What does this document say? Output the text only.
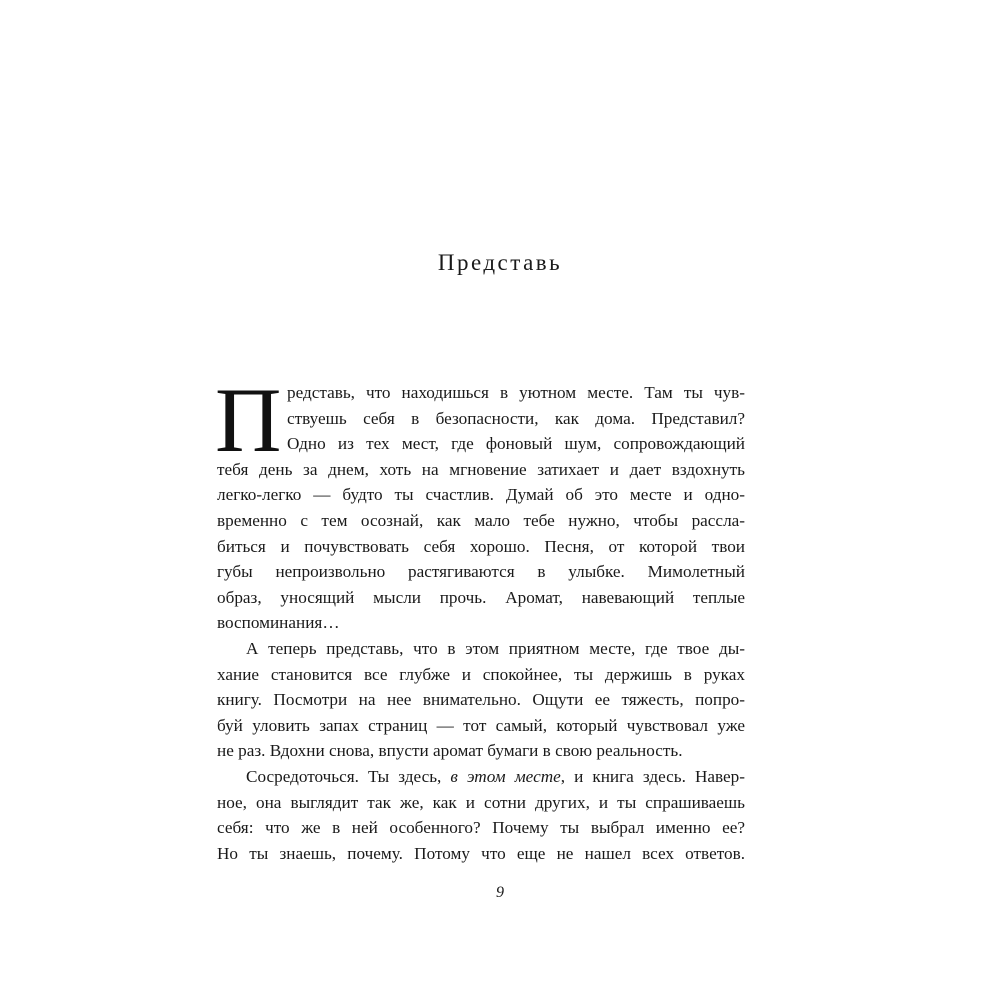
Представь
П редставь, что находишься в уютном месте. Там ты чув-
ствуешь себя в безопасности, как дома. Представил?
Одно из тех мест, где фоновый шум, сопровождающий
тебя день за днем, хоть на мгновение затихает и дает вздохнуть
легко-легко — будто ты счастлив. Думай об это месте и одно-
временно с тем осознай, как мало тебе нужно, чтобы рассла-
биться и почувствовать себя хорошо. Песня, от которой твои
губы непроизвольно растягиваются в улыбке. Мимолетный
образ, уносящий мысли прочь. Аромат, навевающий теплые
воспоминания…
А теперь представь, что в этом приятном месте, где твое ды-
хание становится все глубже и спокойнее, ты держишь в руках
книгу. Посмотри на нее внимательно. Ощути ее тяжесть, попро-
буй уловить запах страниц — тот самый, который чувствовал уже
не раз. Вдохни снова, впусти аромат бумаги в свою реальность.
Сосредоточься. Ты здесь, в этом месте, и книга здесь. Навер-
ное, она выглядит так же, как и сотни других, и ты спрашиваешь
себя: что же в ней особенного? Почему ты выбрал именно ее?
Но ты знаешь, почему. Потому что еще не нашел всех ответов.
9
